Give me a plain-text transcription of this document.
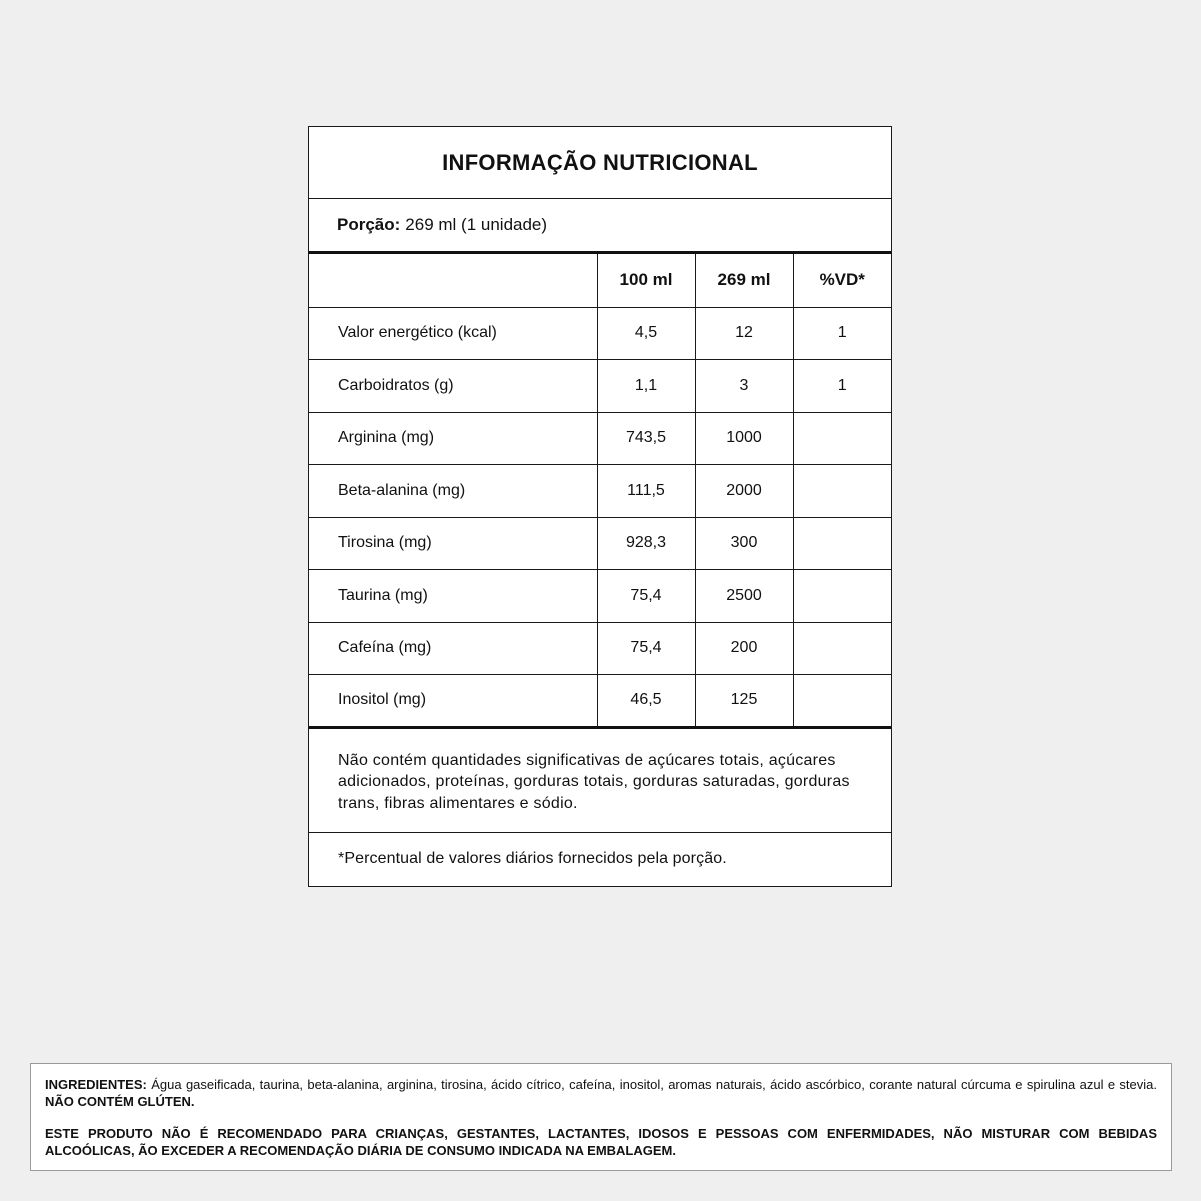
INFORMAÇÃO NUTRICIONAL
Porção: 269 ml (1 unidade)
	100 ml	269 ml	%VD*
Valor energético (kcal)	4,5	12	1
Carboidratos (g)	1,1	3	1
Arginina (mg)	743,5	1000	
Beta-alanina (mg)	111,5	2000	
Tirosina (mg)	928,3	300	
Taurina (mg)	75,4	2500	
Cafeína (mg)	75,4	200	
Inositol (mg)	46,5	125	
Não contém quantidades significativas de açúcares totais, açúcares adicionados, proteínas, gorduras totais, gorduras saturadas, gorduras trans, fibras alimentares e sódio.
*Percentual de valores diários fornecidos pela porção.
INGREDIENTES: Água gaseificada, taurina, beta-alanina, arginina, tirosina, ácido cítrico, cafeína, inositol, aromas naturais, ácido ascórbico, corante natural cúrcuma e spirulina azul e stevia. NÃO CONTÉM GLÚTEN.
ESTE PRODUTO NÃO É RECOMENDADO PARA CRIANÇAS, GESTANTES, LACTANTES, IDOSOS E PESSOAS COM ENFERMIDADES, NÃO MISTURAR COM BEBIDAS ALCOÓLICAS, ÃO EXCEDER A RECOMENDAÇÃO DIÁRIA DE CONSUMO INDICADA NA EMBALAGEM.
